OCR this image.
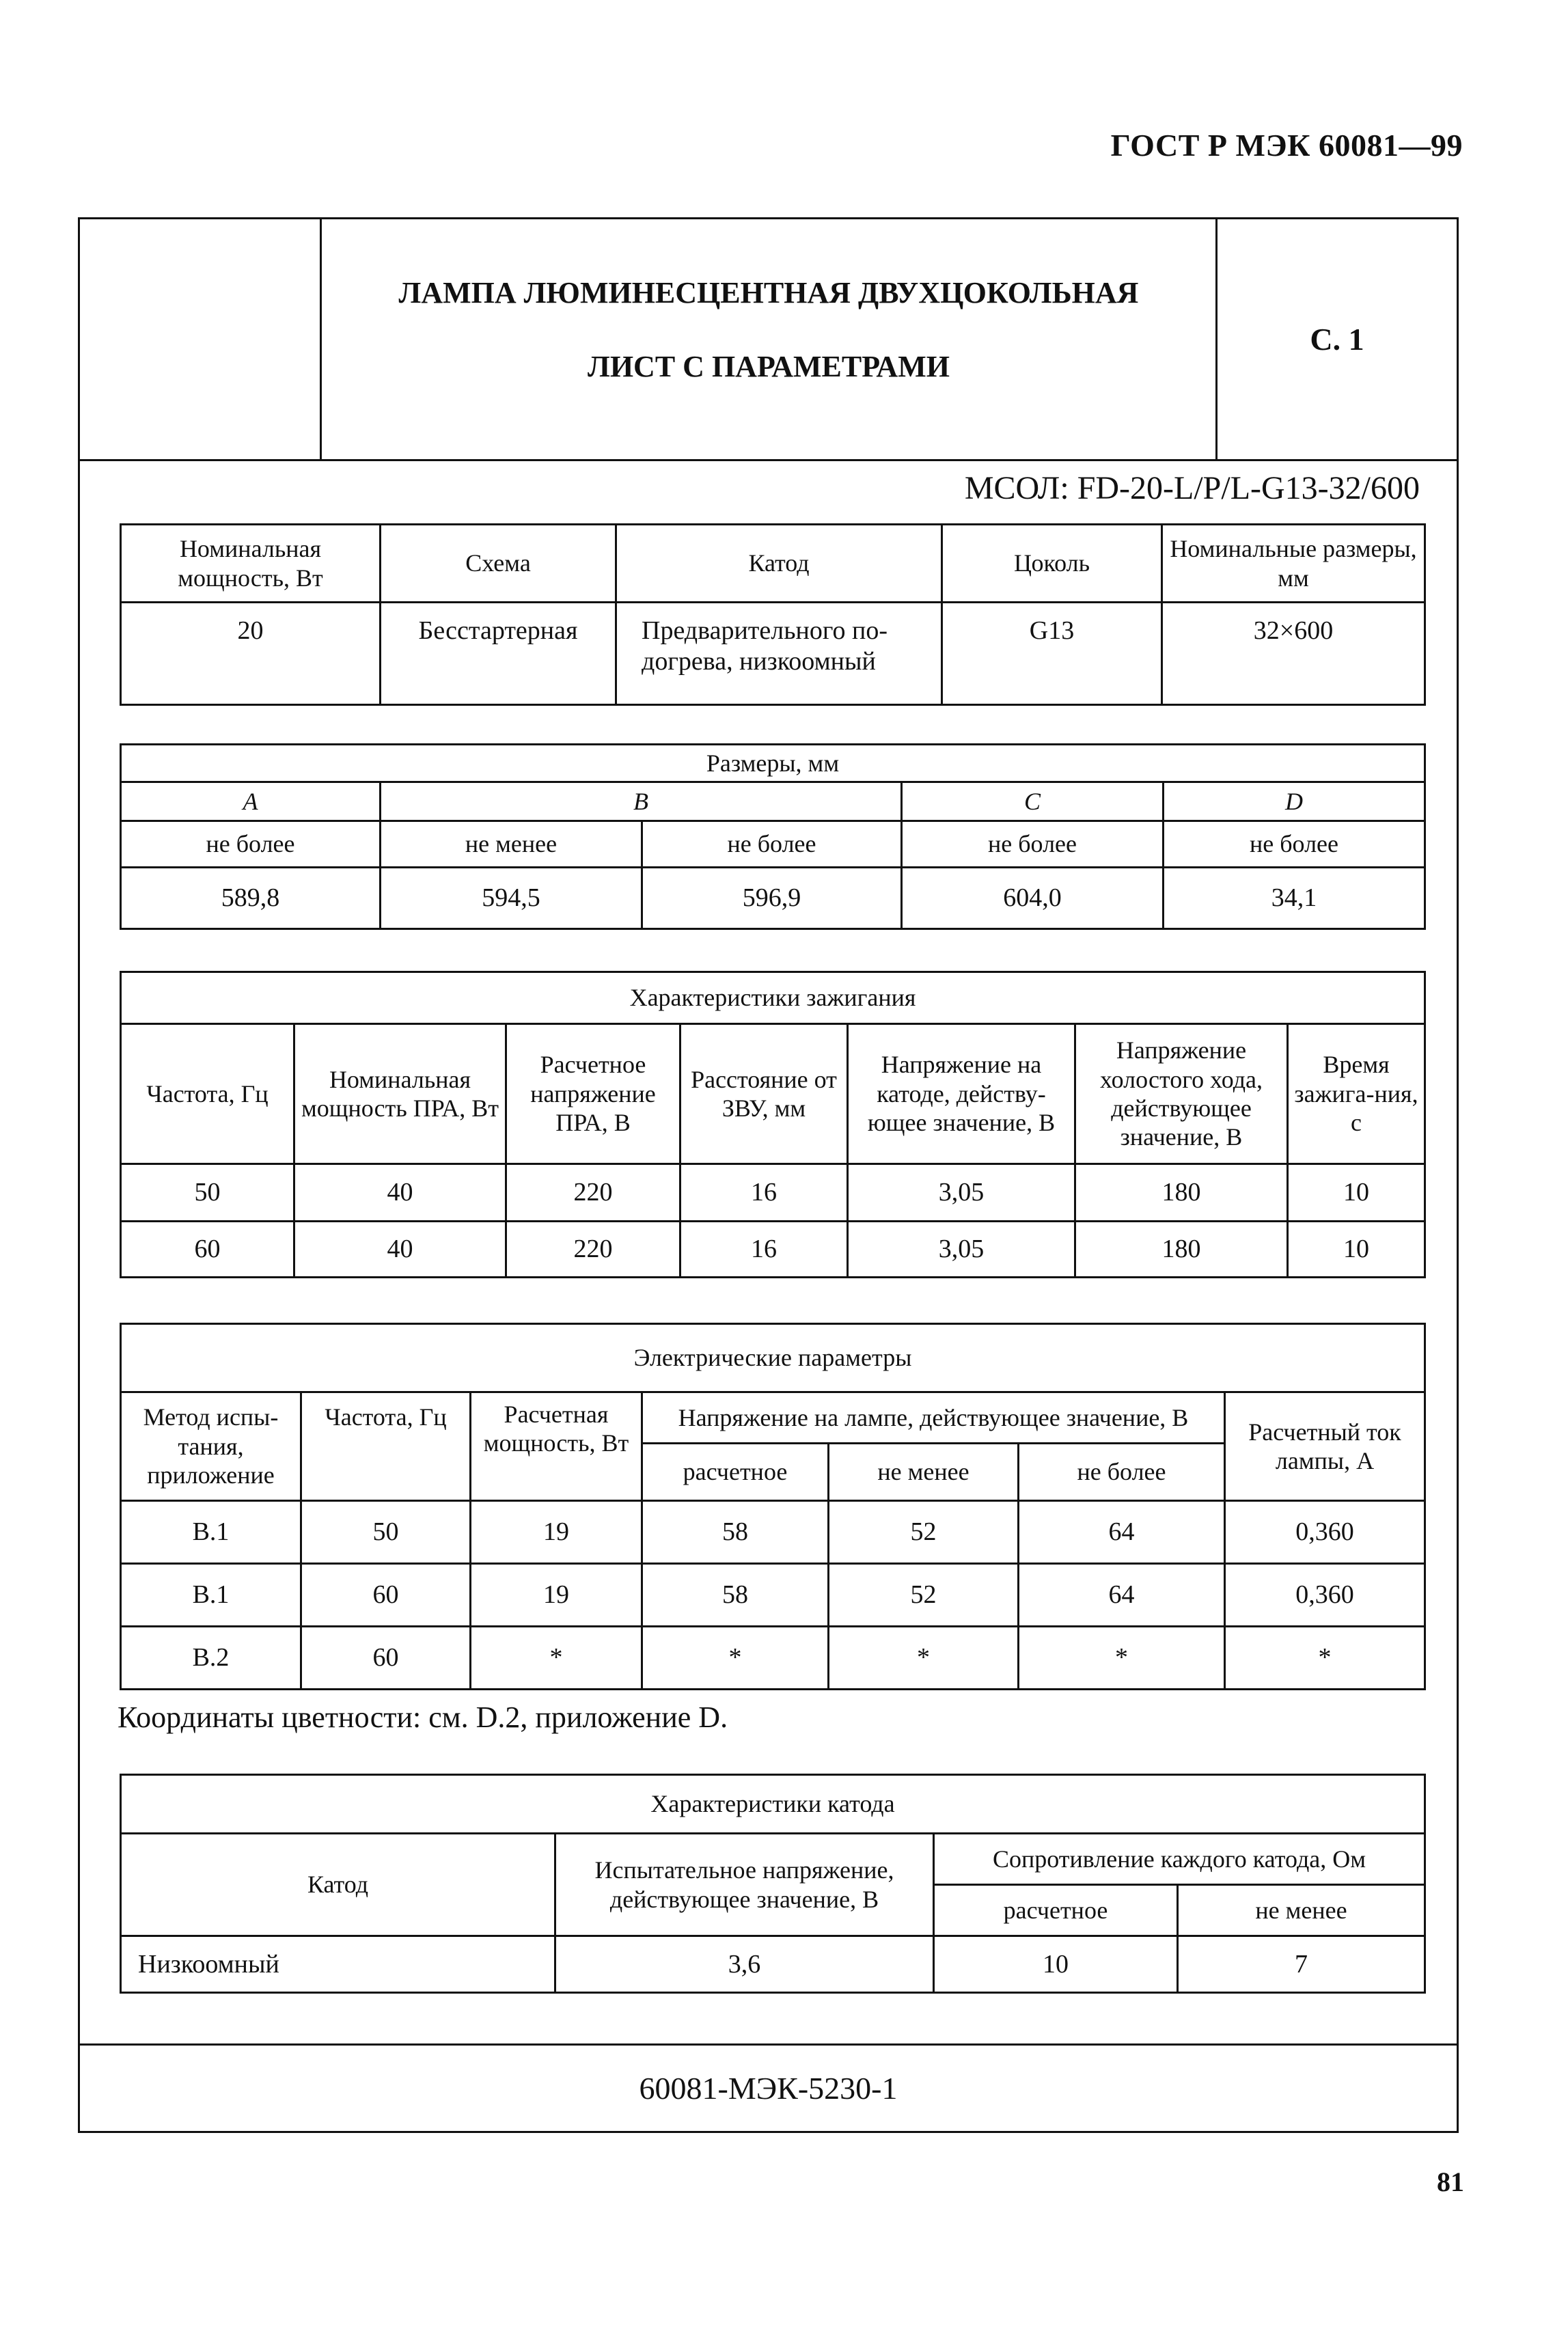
ГОСТ Р МЭК 60081—99
ЛАМПА ЛЮМИНЕСЦЕНТНАЯ ДВУХЦОКОЛЬНАЯ
ЛИСТ С ПАРАМЕТРАМИ
С. 1
МСОЛ: FD-20-L/P/L-G13-32/600
Номинальная мощность, Вт	Схема	Катод	Цоколь	Номинальные размеры, мм
20	Бесстартерная	Предварительного по-догрева, низкоомный	G13	32×600
Размеры, мм				
A	B		C	D
не более	не менее	не более	не более	не более
589,8	594,5	596,9	604,0	34,1
Характеристики зажигания						
Частота, Гц	Номинальная мощность ПРА, Вт	Расчетное напряжение ПРА, В	Расстояние от ЗВУ, мм	Напряжение на катоде, действу-ющее значение, В	Напряжение холостого хода, действующее значение, В	Время зажига-ния, с
50	40	220	16	3,05	180	10
60	40	220	16	3,05	180	10
Электрические параметры						
Метод испы-тания, приложение	Частота, Гц	Расчетная мощность, Вт	Напряжение на лампе, действующее значение, В			Расчетный ток лампы, А
			расчетное	не менее	не более	
B.1	50	19	58	52	64	0,360
B.1	60	19	58	52	64	0,360
B.2	60	*	*	*	*	*
Характеристики катода			
Катод	Испытательное напряжение, действующее значение, В	Сопротивление каждого катода, Ом	
		расчетное	не менее
Низкоомный	3,6	10	7
60081-МЭК-5230-1
Координаты цветности: см. D.2, приложение D.
81
